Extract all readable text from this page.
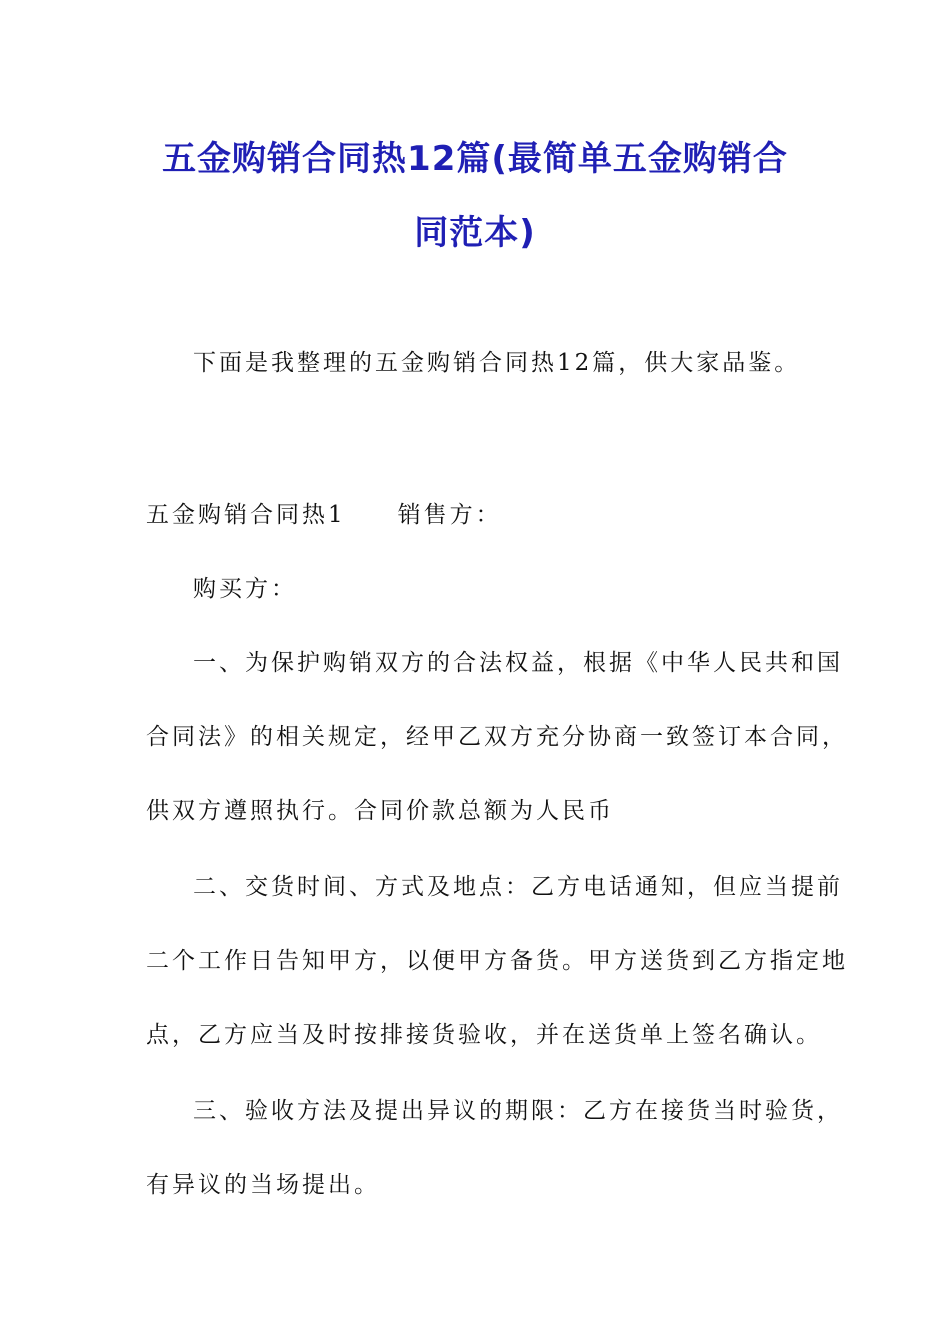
五金购销合同热12篇(最简单五金购销合
同范本)

下面是我整理的五金购销合同热12篇，供大家品鉴。

五金购销合同热1 销售方：

购买方：

一、为保护购销双方的合法权益，根据《中华人民共和国

合同法》的相关规定，经甲乙双方充分协商一致签订本合同，

供双方遵照执行。合同价款总额为人民币

二、交货时间、方式及地点：乙方电话通知，但应当提前

二个工作日告知甲方，以便甲方备货。甲方送货到乙方指定地

点，乙方应当及时按排接货验收，并在送货单上签名确认。

三、验收方法及提出异议的期限：乙方在接货当时验货，

有异议的当场提出。
